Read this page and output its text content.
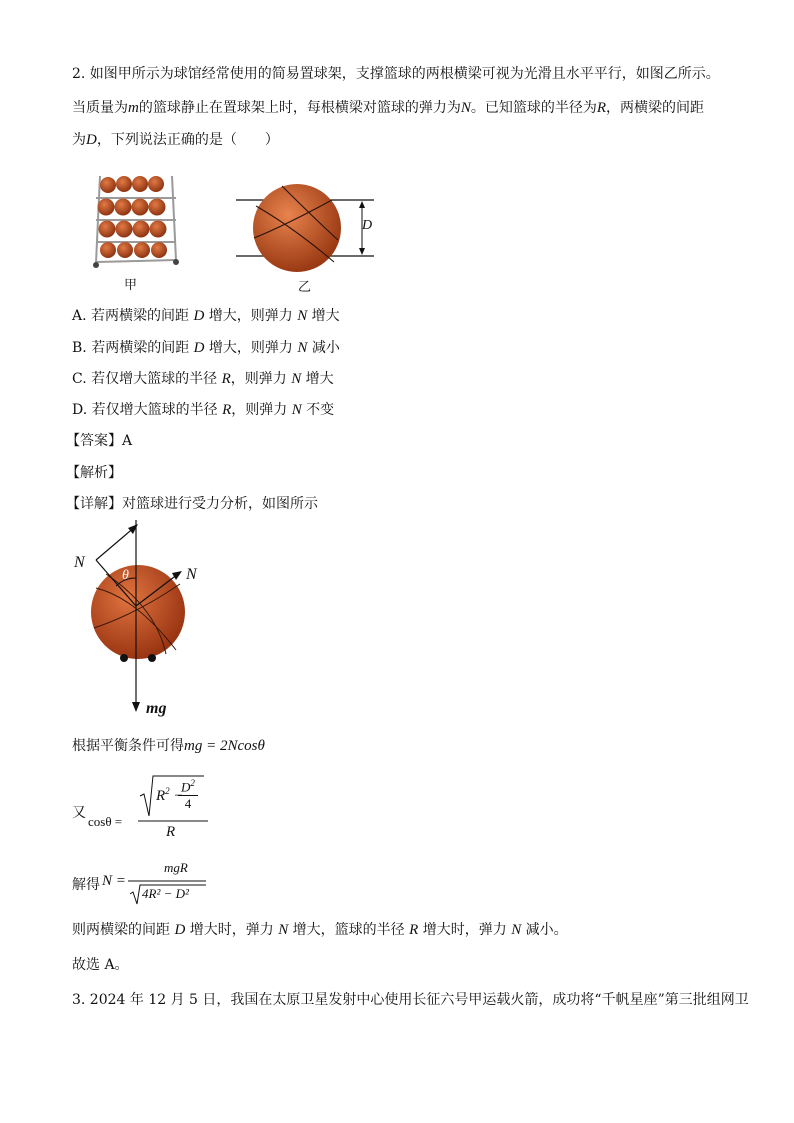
2. 如图甲所示为球馆经常使用的简易置球架，支撑篮球的两根横梁可视为光滑且水平平行，如图乙所示。
当质量为m的篮球静止在置球架上时，每根横梁对篮球的弹力为N。已知篮球的半径为R，两横梁的间距
为D，下列说法正确的是（　　）
甲
D
乙
A. 若两横梁的间距 D 增大，则弹力 N 增大
B. 若两横梁的间距 D 增大，则弹力 N 减小
C. 若仅增大篮球的半径 R，则弹力 N 增大
D. 若仅增大篮球的半径 R，则弹力 N 不变
【答案】A
【解析】
【详解】对篮球进行受力分析，如图所示
N
N
θ
mg
根据平衡条件可得mg = 2Ncosθ
又
cosθ =
$R^2$ −
$\frac{D^2}{4}$
R
解得 N =
mgR
4R² − D²
则两横梁的间距 D 增大时，弹力 N 增大，篮球的半径 R 增大时，弹力 N 减小。
故选 A。
3. 2024 年 12 月 5 日，我国在太原卫星发射中心使用长征六号甲运载火箭，成功将“千帆星座”第三批组网卫
